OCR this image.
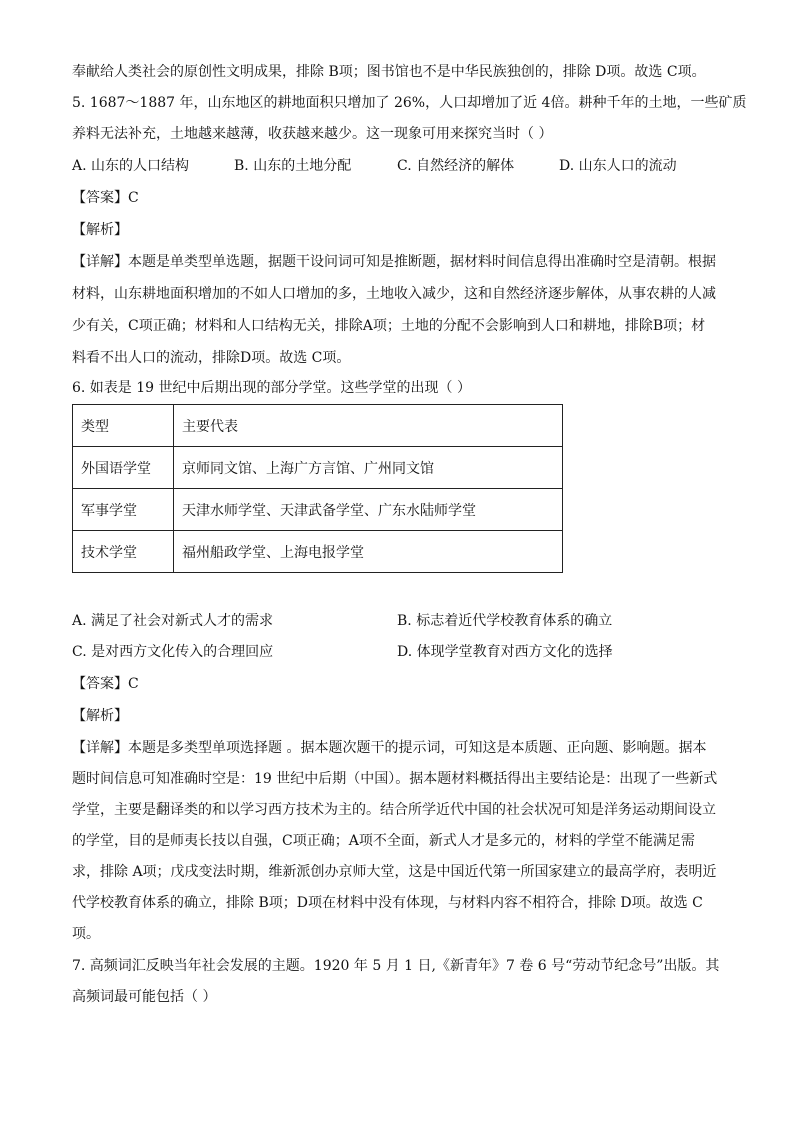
奉献给人类社会的原创性文明成果，排除 B项；图书馆也不是中华民族独创的，排除 D项。故选 C项。
5. 1687～1887 年，山东地区的耕地面积只增加了 26%，人口却增加了近 4倍。耕种千年的土地，一些矿质
养料无法补充，土地越来越薄，收获越来越少。这一现象可用来探究当时（ ）
A. 山东的人口结构	B. 山东的土地分配	C. 自然经济的解体	D. 山东人口的流动
【答案】C
【解析】
【详解】本题是单类型单选题，据题干设问词可知是推断题，据材料时间信息得出准确时空是清朝。根据
材料，山东耕地面积增加的不如人口增加的多，土地收入减少，这和自然经济逐步解体，从事农耕的人减
少有关，C项正确；材料和人口结构无关，排除A项；土地的分配不会影响到人口和耕地，排除B项；材
料看不出人口的流动，排除D项。故选 C项。
6. 如表是 19 世纪中后期出现的部分学堂。这些学堂的出现（ ）
类型	主要代表
外国语学堂	京师同文馆、上海广方言馆、广州同文馆
军事学堂	天津水师学堂、天津武备学堂、广东水陆师学堂
技术学堂	福州船政学堂、上海电报学堂
A. 满足了社会对新式人才的需求	B. 标志着近代学校教育体系的确立
C. 是对西方文化传入的合理回应	D. 体现学堂教育对西方文化的选择
【答案】C
【解析】
【详解】本题是多类型单项选择题 。据本题次题干的提示词，可知这是本质题、正向题、影响题。据本
题时间信息可知准确时空是：19 世纪中后期（中国）。据本题材料概括得出主要结论是：出现了一些新式
学堂，主要是翻译类的和以学习西方技术为主的。结合所学近代中国的社会状况可知是洋务运动期间设立
的学堂，目的是师夷长技以自强，C项正确；A项不全面，新式人才是多元的，材料的学堂不能满足需
求，排除 A项；戊戌变法时期，维新派创办京师大堂，这是中国近代第一所国家建立的最高学府，表明近
代学校教育体系的确立，排除 B项；D项在材料中没有体现，与材料内容不相符合，排除 D项。故选 C
项。
7. 高频词汇反映当年社会发展的主题。1920 年 5 月 1 日,《新青年》7 卷 6 号“劳动节纪念号”出版。其
高频词最可能包括（ ）
